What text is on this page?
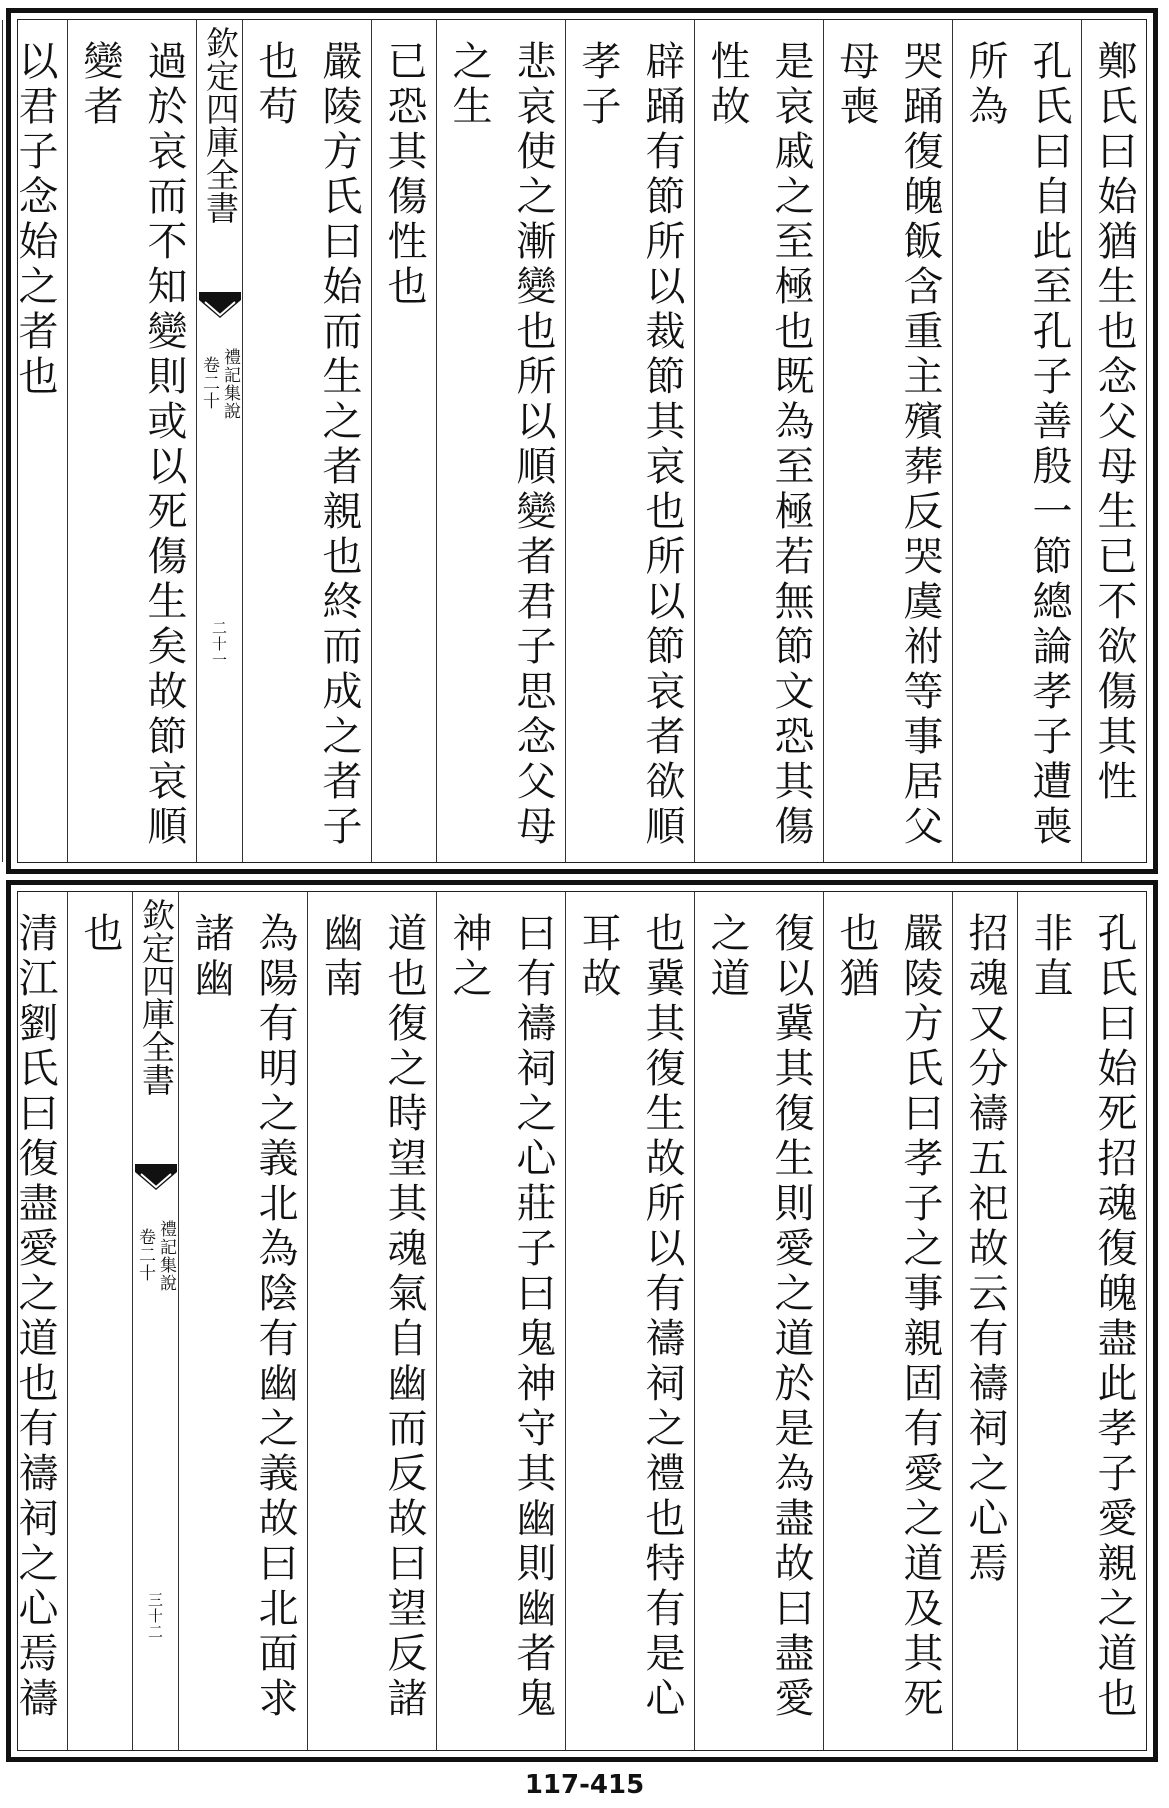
鄭氏曰始猶生也念父母生已不欲傷其性
孔氏曰自此至孔子善殷一節總論孝子遭喪所為
哭踊復魄飯含重主殯葬反哭虞祔等事居父母喪
是哀戚之至極也既為至極若無節文恐其傷性故
辟踊有節所以裁節其哀也所以節哀者欲順孝子
悲哀使之漸變也所以順變者君子思念父母之生
已恐其傷性也
嚴陵方氏曰始而生之者親也終而成之者子也苟
欽定四庫全書
禮記集說
卷二十
二十一
過於哀而不知變則或以死傷生矣故節哀順變者
以君子念始之者也
孔氏曰始死招魂復魄盡此孝子愛親之道也非直
招魂又分禱五祀故云有禱祠之心焉
嚴陵方氏曰孝子之事親固有愛之道及其死也猶
復以冀其復生則愛之道於是為盡故曰盡愛之道
也冀其復生故所以有禱祠之禮也特有是心耳故
曰有禱祠之心莊子曰鬼神守其幽則幽者鬼神之
道也復之時望其魂氣自幽而反故曰望反諸幽南
為陽有明之義北為陰有幽之義故曰北面求諸幽
欽定四庫全書
禮記集說
卷二十
三十二
也
清江劉氏曰復盡愛之道也有禱祠之心焉禱
117-415
